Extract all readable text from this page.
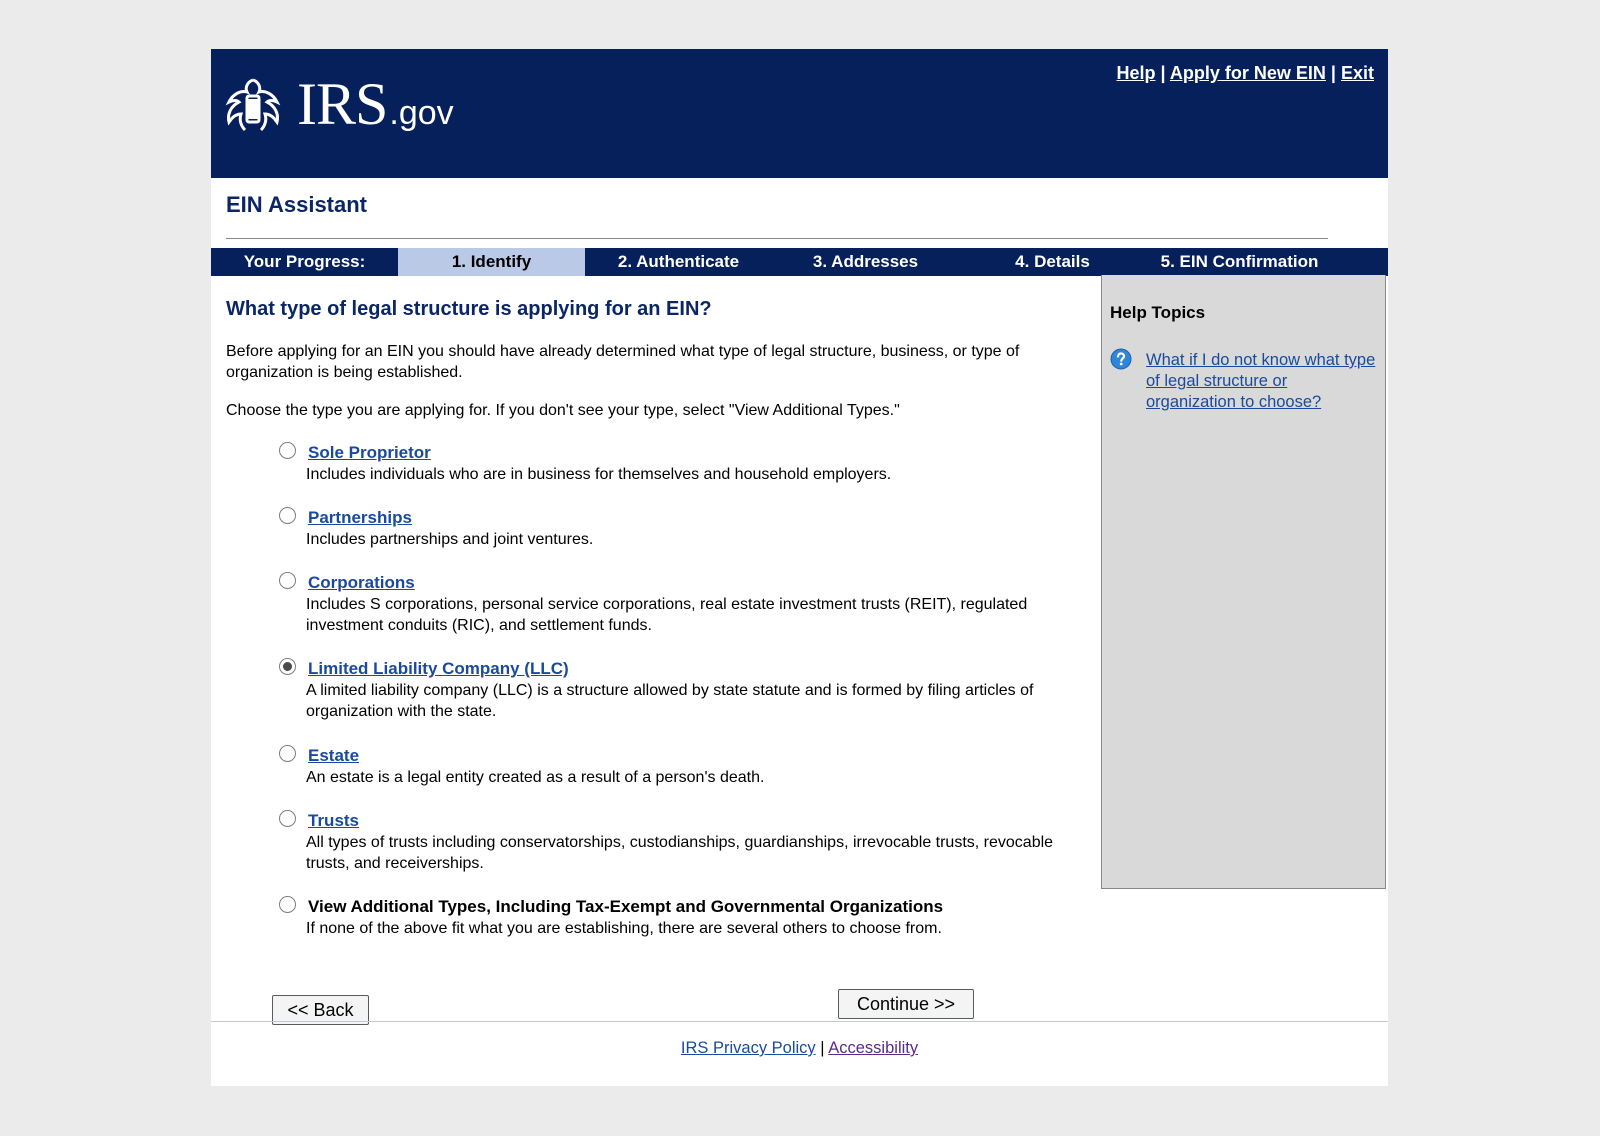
IRS .gov
Help | Apply for New EIN | Exit
EIN Assistant
Your Progress:	1. Identify	2. Authenticate	3. Addresses	4. Details	5. EIN Confirmation
What type of legal structure is applying for an EIN?
Before applying for an EIN you should have already determined what type of legal structure, business, or type of organization is being established.
Choose the type you are applying for. If you don't see your type, select "View Additional Types."
Sole Proprietor
Includes individuals who are in business for themselves and household employers.
Partnerships
Includes partnerships and joint ventures.
Corporations
Includes S corporations, personal service corporations, real estate investment trusts (REIT), regulated investment conduits (RIC), and settlement funds.
Limited Liability Company (LLC)
A limited liability company (LLC) is a structure allowed by state statute and is formed by filing articles of organization with the state.
Estate
An estate is a legal entity created as a result of a person's death.
Trusts
All types of trusts including conservatorships, custodianships, guardianships, irrevocable trusts, revocable trusts, and receiverships.
View Additional Types, Including Tax-Exempt and Governmental Organizations
If none of the above fit what you are establishing, there are several others to choose from.
Help Topics
What if I do not know what type of legal structure or organization to choose?
<< Back	Continue >>
IRS Privacy Policy | Accessibility
